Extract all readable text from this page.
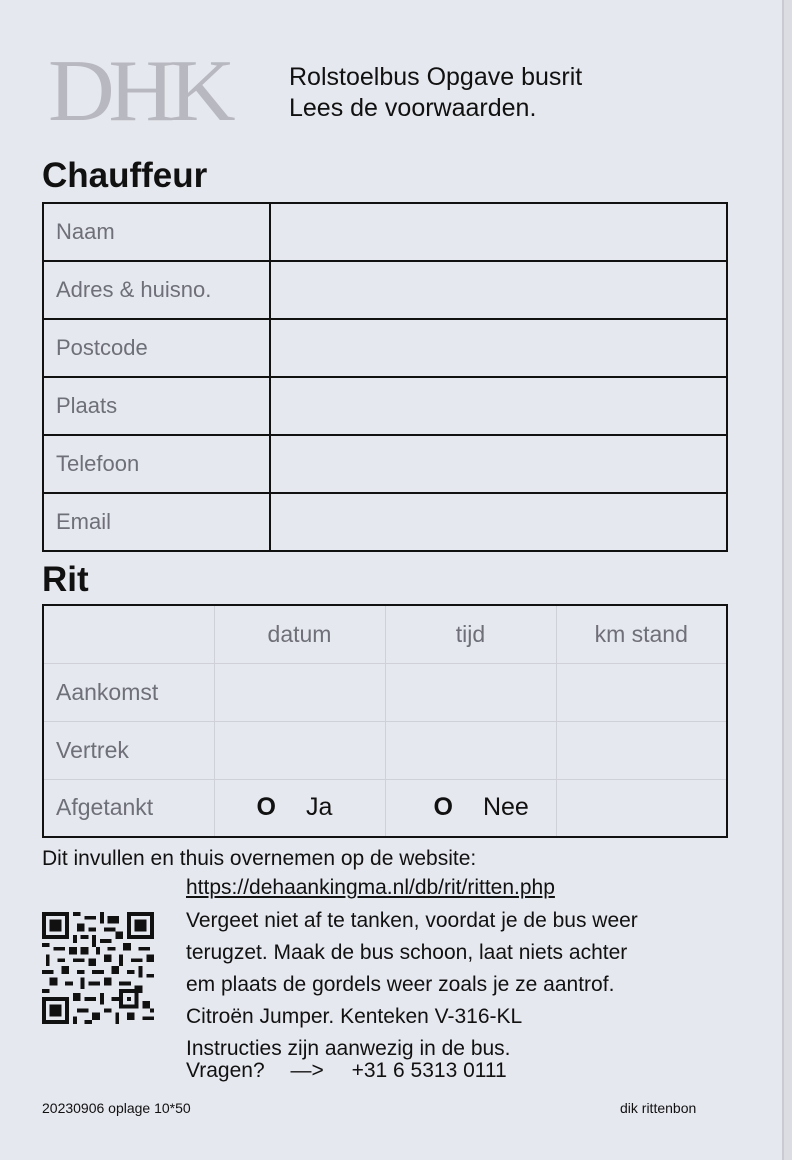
DHK	Rolstoelbus Opgave busrit
Lees de voorwaarden.
Chauffeur
Naam	
Adres & huisno.	
Postcode	
Plaats	
Telefoon	
Email	
Rit
	datum	tijd	km stand
Aankomst			
Vertrek			
Afgetankt	O Ja	O Nee	
Dit invullen en thuis overnemen op de website:
https://dehaankingma.nl/db/rit/ritten.php
Vergeet niet af te tanken, voordat je de bus weer
terugzet. Maak de bus schoon, laat niets achter
em plaats de gordels weer zoals je ze aantrof.
Citroën Jumper. Kenteken V-316-KL
Instructies zijn aanwezig in de bus.
Vragen? —> +31 6 5313 0111
20230906 oplage 10*50	dik rittenbon
